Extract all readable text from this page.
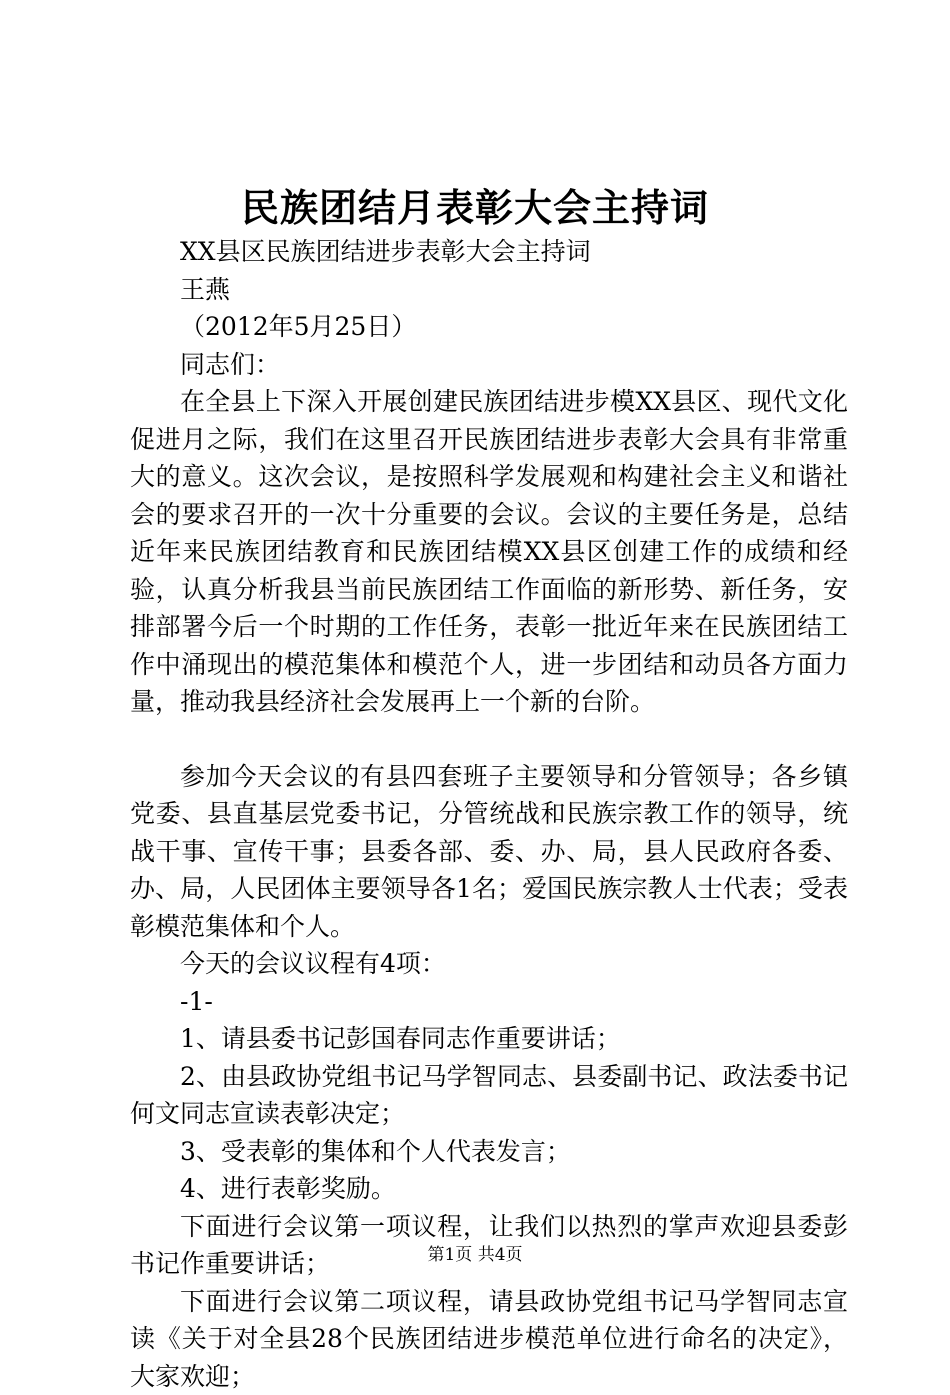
民族团结月表彰大会主持词

XX县区民族团结进步表彰大会主持词

王燕

（2012年5月25日）

同志们：

在全县上下深入开展创建民族团结进步模XX县区、现代文化促进月之际，我们在这里召开民族团结进步表彰大会具有非常重大的意义。这次会议，是按照科学发展观和构建社会主义和谐社会的要求召开的一次十分重要的会议。会议的主要任务是，总结近年来民族团结教育和民族团结模XX县区创建工作的成绩和经验，认真分析我县当前民族团结工作面临的新形势、新任务，安排部署今后一个时期的工作任务，表彰一批近年来在民族团结工作中涌现出的模范集体和模范个人，进一步团结和动员各方面力量，推动我县经济社会发展再上一个新的台阶。

参加今天会议的有县四套班子主要领导和分管领导；各乡镇党委、县直基层党委书记，分管统战和民族宗教工作的领导，统战干事、宣传干事；县委各部、委、办、局，县人民政府各委、办、局，人民团体主要领导各1名；爱国民族宗教人士代表；受表彰模范集体和个人。

今天的会议议程有4项：

-1-

1、请县委书记彭国春同志作重要讲话；

2、由县政协党组书记马学智同志、县委副书记、政法委书记何文同志宣读表彰决定；

3、受表彰的集体和个人代表发言；

4、进行表彰奖励。

下面进行会议第一项议程，让我们以热烈的掌声欢迎县委彭书记作重要讲话；

下面进行会议第二项议程，请县政协党组书记马学智同志宣读《关于对全县28个民族团结进步模范单位进行命名的决定》，大家欢迎；

第1页 共4页
